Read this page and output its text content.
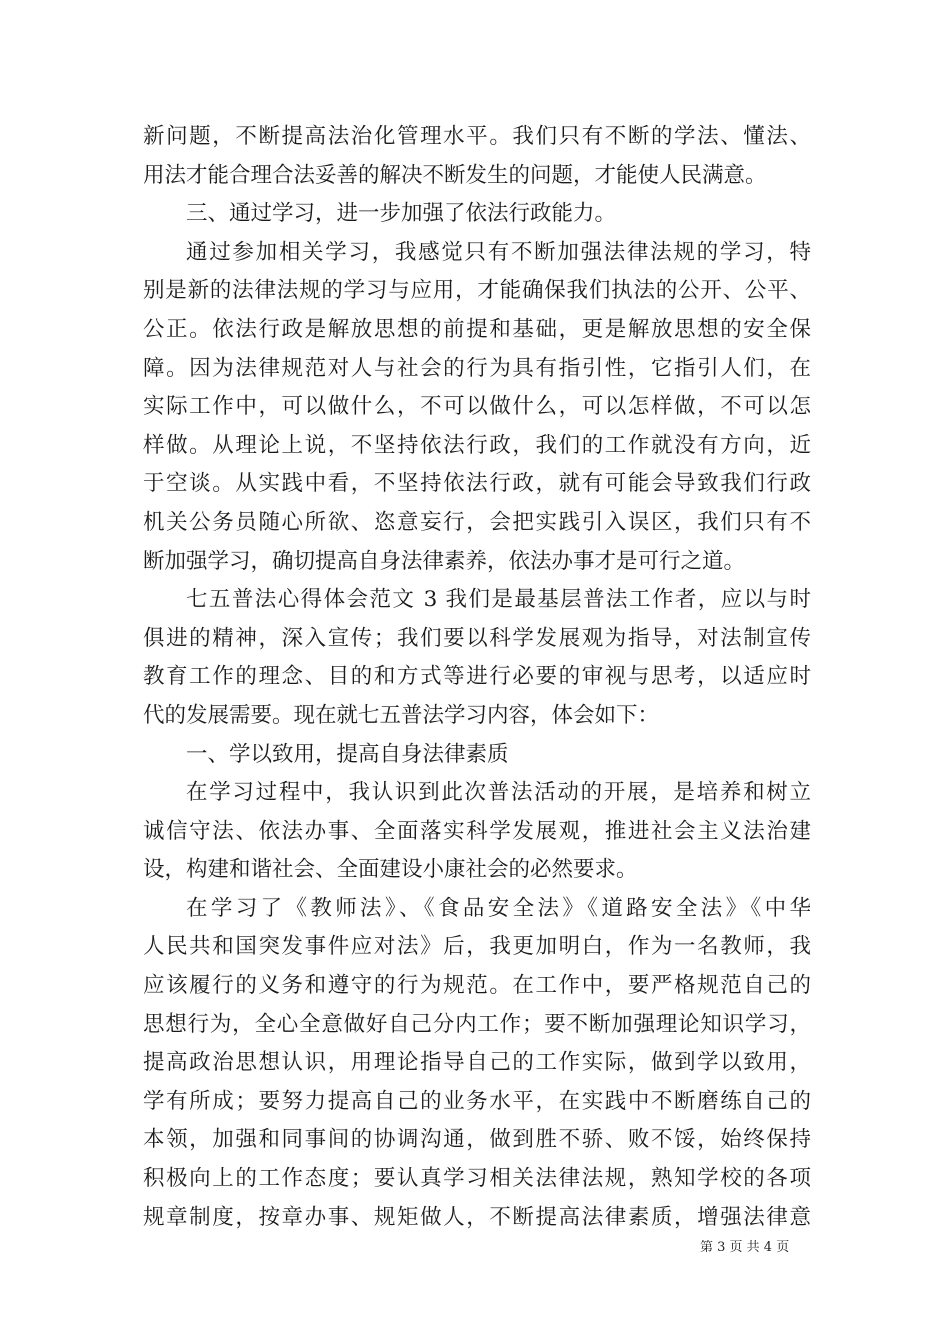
新问题，不断提高法治化管理水平。我们只有不断的学法、懂法、
用法才能合理合法妥善的解决不断发生的问题，才能使人民满意。
三、通过学习，进一步加强了依法行政能力。
通过参加相关学习，我感觉只有不断加强法律法规的学习，特
别是新的法律法规的学习与应用，才能确保我们执法的公开、公平、
公正。依法行政是解放思想的前提和基础，更是解放思想的安全保
障。因为法律规范对人与社会的行为具有指引性，它指引人们，在
实际工作中，可以做什么，不可以做什么，可以怎样做，不可以怎
样做。从理论上说，不坚持依法行政，我们的工作就没有方向，近
于空谈。从实践中看，不坚持依法行政，就有可能会导致我们行政
机关公务员随心所欲、恣意妄行，会把实践引入误区，我们只有不
断加强学习，确切提高自身法律素养，依法办事才是可行之道。
七五普法心得体会范文 3 我们是最基层普法工作者，应以与时
俱进的精神，深入宣传；我们要以科学发展观为指导，对法制宣传
教育工作的理念、目的和方式等进行必要的审视与思考，以适应时
代的发展需要。现在就七五普法学习内容，体会如下：
一、学以致用，提高自身法律素质
在学习过程中，我认识到此次普法活动的开展，是培养和树立
诚信守法、依法办事、全面落实科学发展观，推进社会主义法治建
设，构建和谐社会、全面建设小康社会的必然要求。
在学习了《教师法》、《食品安全法》《道路安全法》《中华
人民共和国突发事件应对法》后，我更加明白，作为一名教师，我
应该履行的义务和遵守的行为规范。在工作中，要严格规范自己的
思想行为，全心全意做好自己分内工作；要不断加强理论知识学习，
提高政治思想认识，用理论指导自己的工作实际，做到学以致用，
学有所成；要努力提高自己的业务水平，在实践中不断磨练自己的
本领，加强和同事间的协调沟通，做到胜不骄、败不馁，始终保持
积极向上的工作态度；要认真学习相关法律法规，熟知学校的各项
规章制度，按章办事、规矩做人，不断提高法律素质，增强法律意
第 3 页 共 4 页
